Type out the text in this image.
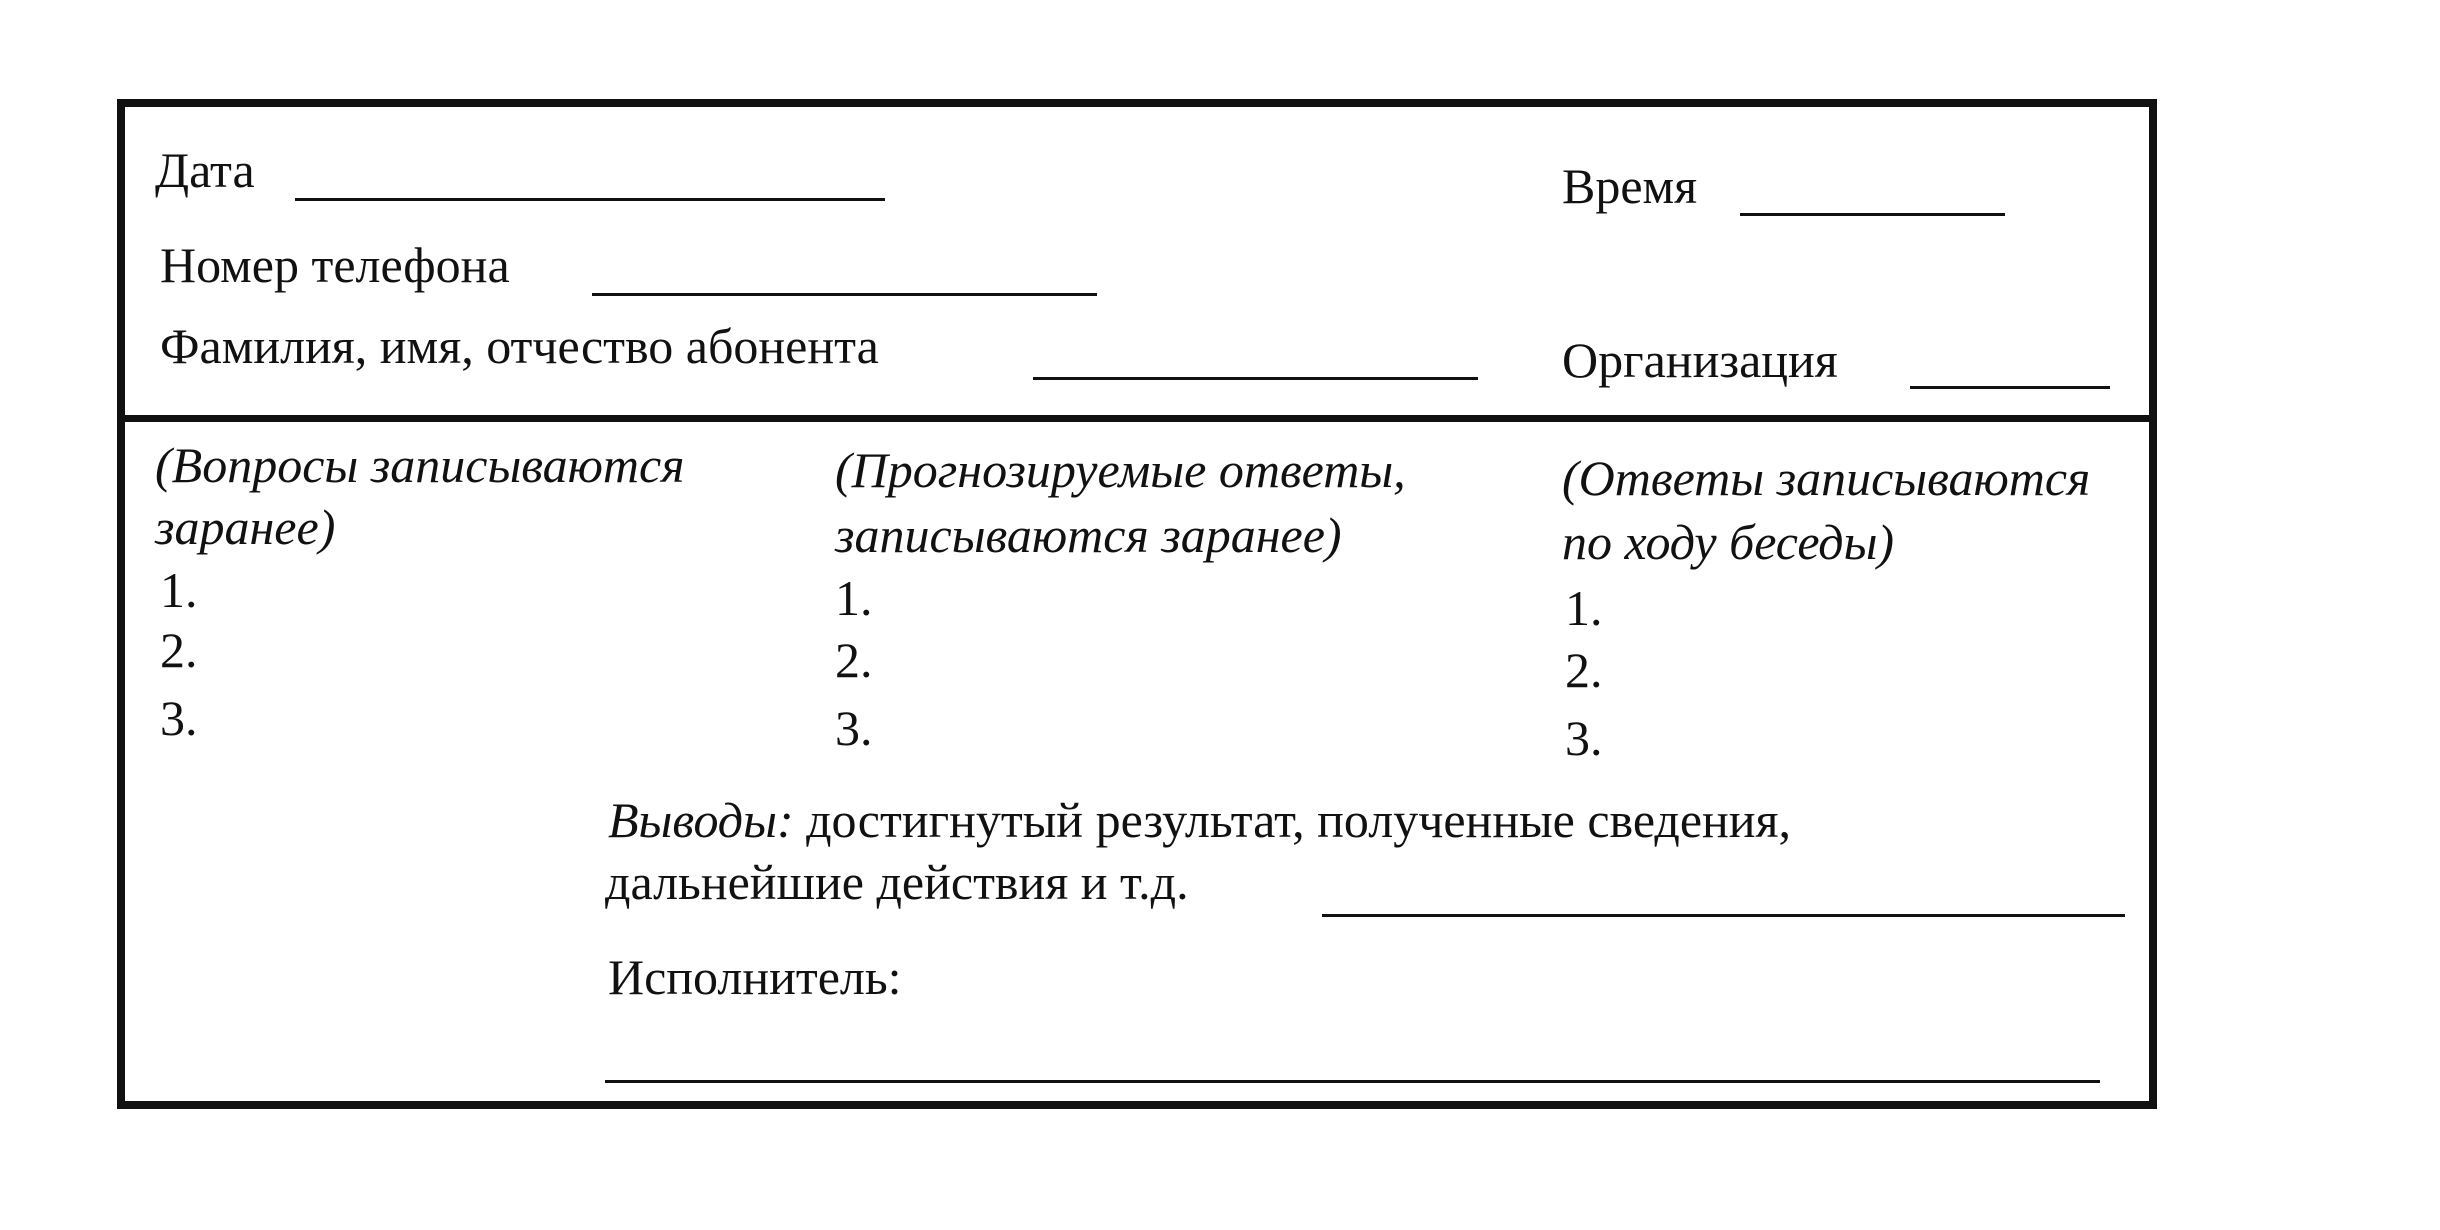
Дата	Время
Номер телефона
Фамилия, имя, отчество абонента	Организация
(Вопросы записываются
заранее)
1.
2.
3.
(Прогнозируемые ответы,
записываются заранее)
1.
2.
3.
(Ответы записываются
по ходу беседы)
1.
2.
3.
Выводы: достигнутый результат, полученные сведения,
дальнейшие действия и т.д.
Исполнитель:
